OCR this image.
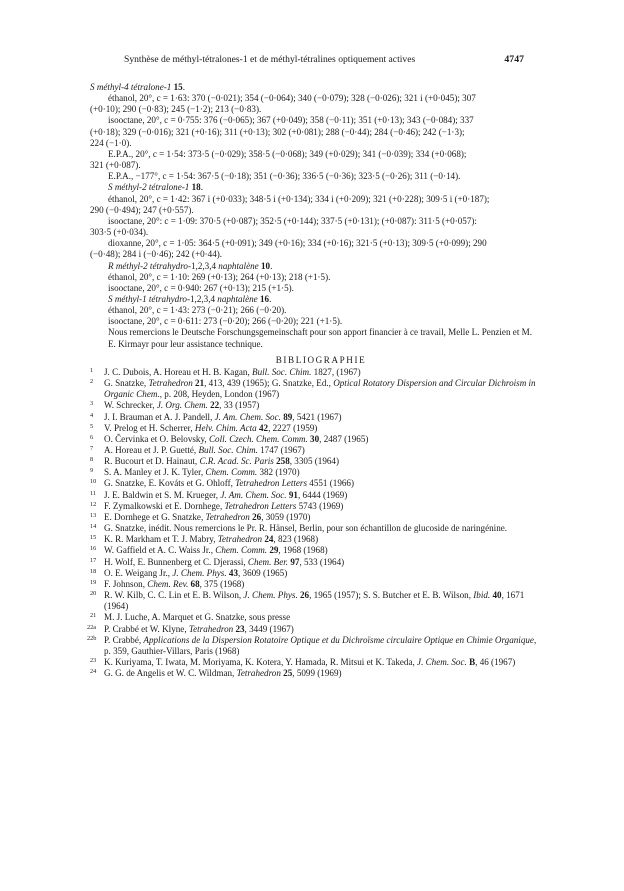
Synthèse de méthyl-tétralones-1 et de méthyl-tétralines optiquement actives	4747
S méthyl-4 tétralone-1 15.
éthanol, 20°, c = 1·63: 370 (−0·021); 354 (−0·064); 340 (−0·079); 328 (−0·026); 321 i (+0·045); 307
(+0·10); 290 (−0·83); 245 (−1·2); 213 (−0·83).
isooctane, 20°, c = 0·755: 376 (−0·065); 367 (+0·049); 358 (−0·11); 351 (+0·13); 343 (−0·084); 337
(+0·18); 329 (−0·016); 321 (+0·16); 311 (+0·13); 302 (+0·081); 288 (−0·44); 284 (−0·46); 242 (−1·3);
224 (−1·0).
E.P.A., 20°, c = 1·54: 373·5 (−0·029); 358·5 (−0·068); 349 (+0·029); 341 (−0·039); 334 (+0·068);
321 (+0·087).
E.P.A., −177°, c = 1·54: 367·5 (−0·18); 351 (−0·36); 336·5 (−0·36); 323·5 (−0·26); 311 (−0·14).
S méthyl-2 tétralone-1 18.
éthanol, 20°, c = 1·42: 367 i (+0·033); 348·5 i (+0·134); 334 i (+0·209); 321 (+0·228); 309·5 i (+0·187);
290 (−0·494); 247 (+0·557).
isooctane, 20°: c = 1·09: 370·5 (+0·087); 352·5 (+0·144); 337·5 (+0·131); (+0·087): 311·5 (+0·057):
303·5 (+0·034).
dioxanne, 20°, c = 1·05: 364·5 (+0·091); 349 (+0·16); 334 (+0·16); 321·5 (+0·13); 309·5 (+0·099); 290
(−0·48); 284 i (−0·46); 242 (+0·44).
R méthyl-2 tétrahydro-1,2,3,4 naphtalène 10.
éthanol, 20°, c = 1·10: 269 (+0·13); 264 (+0·13); 218 (+1·5).
isooctane, 20°, c = 0·940: 267 (+0·13); 215 (+1·5).
S méthyl-1 tétrahydro-1,2,3,4 naphtalène 16.
éthanol, 20°, c = 1·43: 273 (−0·21); 266 (−0·20).
isooctane, 20°, c = 0·611: 273 (−0·20); 266 (−0·20); 221 (+1·5).
Nous remercions le Deutsche Forschungsgemeinschaft pour son apport financier à ce travail, Melle L. Penzien et M. E. Kirmayr pour leur assistance technique.
BIBLIOGRAPHIE
1	J. C. Dubois, A. Horeau et H. B. Kagan, Bull. Soc. Chim. 1827, (1967)
2	G. Snatzke, Tetrahedron 21, 413, 439 (1965); G. Snatzke, Ed., Optical Rotatory Dispersion and Circular Dichroism in Organic Chem., p. 208, Heyden, London (1967)
3	W. Schrecker, J. Org. Chem. 22, 33 (1957)
4	J. I. Brauman et A. J. Pandell, J. Am. Chem. Soc. 89, 5421 (1967)
5	V. Prelog et H. Scherrer, Helv. Chim. Acta 42, 2227 (1959)
6	O. Červinka et O. Belovsky, Coll. Czech. Chem. Comm. 30, 2487 (1965)
7	A. Horeau et J. P. Guetté, Bull. Soc. Chim. 1747 (1967)
8	R. Bucourt et D. Hainaut, C.R. Acad. Sc. Paris 258, 3305 (1964)
9	S. A. Manley et J. K. Tyler, Chem. Comm. 382 (1970)
10 G. Snatzke, E. Kováts et G. Ohloff, Tetrahedron Letters 4551 (1966)
11 J. E. Baldwin et S. M. Krueger, J. Am. Chem. Soc. 91, 6444 (1969)
12 F. Zymalkowski et E. Dornhege, Tetrahedron Letters 5743 (1969)
13 E. Dornhege et G. Snatzke, Tetrahedron 26, 3059 (1970)
14 G. Snatzke, inédit. Nous remercions le Pr. R. Hänsel, Berlin, pour son échantillon de glucoside de naringénine.
15 K. R. Markham et T. J. Mabry, Tetrahedron 24, 823 (1968)
16 W. Gaffield et A. C. Waiss Jr., Chem. Comm. 29, 1968 (1968)
17 H. Wolf, E. Bunnenberg et C. Djerassi, Chem. Ber. 97, 533 (1964)
18 O. E. Weigang Jr., J. Chem. Phys. 43, 3609 (1965)
19 F. Johnson, Chem. Rev. 68, 375 (1968)
20 R. W. Kilb, C. C. Lin et E. B. Wilson, J. Chem. Phys. 26, 1965 (1957); S. S. Butcher et E. B. Wilson, Ibid. 40, 1671 (1964)
21 M. J. Luche, A. Marquet et G. Snatzke, sous presse
22a P. Crabbé et W. Klyne, Tetrahedron 23, 3449 (1967)
22b P. Crabbé, Applications de la Dispersion Rotatoire Optique et du Dichroïsme circulaire Optique en Chimie Organique, p. 359, Gauthier-Villars, Paris (1968)
23 K. Kuriyama, T. Iwata, M. Moriyama, K. Kotera, Y. Hamada, R. Mitsui et K. Takeda, J. Chem. Soc. B, 46 (1967)
24 G. G. de Angelis et W. C. Wildman, Tetrahedron 25, 5099 (1969)
